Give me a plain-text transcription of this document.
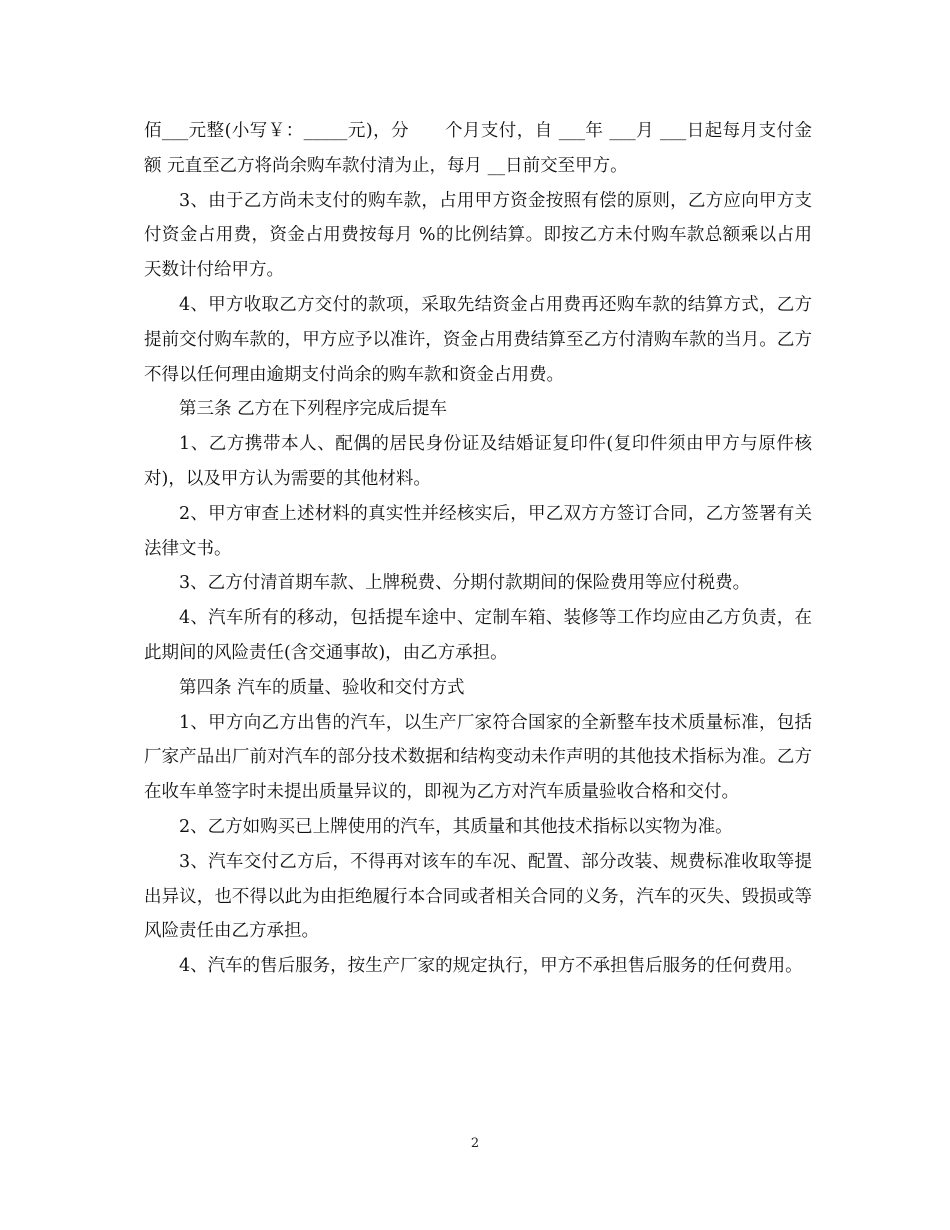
佰___元整(小写￥：_____元)，分　　个月支付，自 ___年 ___月 ___日起每月支付金额 元直至乙方将尚余购车款付清为止，每月 __日前交至甲方。

3、由于乙方尚未支付的购车款，占用甲方资金按照有偿的原则，乙方应向甲方支付资金占用费，资金占用费按每月 %的比例结算。即按乙方未付购车款总额乘以占用天数计付给甲方。

4、甲方收取乙方交付的款项，采取先结资金占用费再还购车款的结算方式，乙方提前交付购车款的，甲方应予以准许，资金占用费结算至乙方付清购车款的当月。乙方不得以任何理由逾期支付尚余的购车款和资金占用费。

第三条 乙方在下列程序完成后提车

1、乙方携带本人、配偶的居民身份证及结婚证复印件(复印件须由甲方与原件核对)，以及甲方认为需要的其他材料。

2、甲方审查上述材料的真实性并经核实后，甲乙双方方签订合同，乙方签署有关法律文书。

3、乙方付清首期车款、上牌税费、分期付款期间的保险费用等应付税费。

4、汽车所有的移动，包括提车途中、定制车箱、装修等工作均应由乙方负责，在此期间的风险责任(含交通事故)，由乙方承担。

第四条 汽车的质量、验收和交付方式

1、甲方向乙方出售的汽车，以生产厂家符合国家的全新整车技术质量标准，包括厂家产品出厂前对汽车的部分技术数据和结构变动未作声明的其他技术指标为准。乙方在收车单签字时未提出质量异议的，即视为乙方对汽车质量验收合格和交付。

2、乙方如购买已上牌使用的汽车，其质量和其他技术指标以实物为准。

3、汽车交付乙方后，不得再对该车的车况、配置、部分改装、规费标准收取等提出异议，也不得以此为由拒绝履行本合同或者相关合同的义务，汽车的灭失、毁损或等风险责任由乙方承担。

4、汽车的售后服务，按生产厂家的规定执行，甲方不承担售后服务的任何费用。

2
